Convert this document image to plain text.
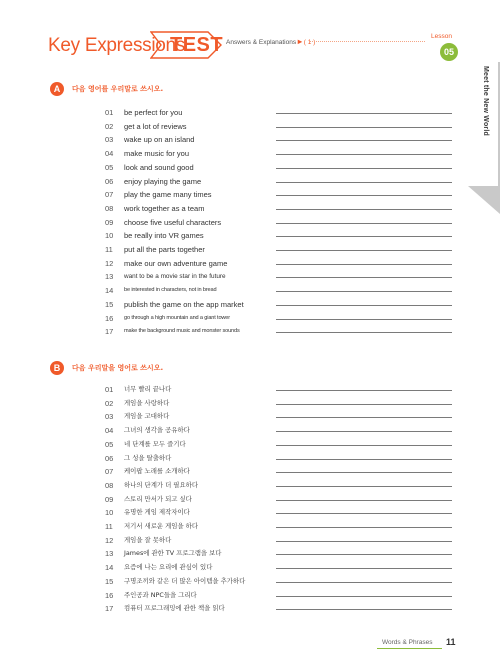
Key Expressions
TEST Answers & Explanations ▸ ( 1 )
Lesson
05
Meet the New World
A	다음 영어를 우리말로 쓰시오.
01	be perfect for you
02	get a lot of reviews
03	wake up on an island
04	make music for you
05	look and sound good
06	enjoy playing the game
07	play the game many times
08	work together as a team
09	choose five useful characters
10	be really into VR games
11	put all the parts together
12	make our own adventure game
13	want to be a movie star in the future
14	be interested in characters, not in bread
15	publish the game on the app market
16	go through a high mountain and a giant tower
17	make the background music and monster sounds
B	다음 우리말을 영어로 쓰시오.
01	너무 빨리 끝나다
02	게임을 사랑하다
03	게임을 고대하다
04	그녀의 생각을 공유하다
05	네 단계를 모두 즐기다
06	그 성을 탈출하다
07	케이팝 노래를 소개하다
08	하나의 단계가 더 필요하다
09	스토리 만서가 되고 싶다
10	유명한 게임 제작자이다
11	저기서 새로운 게임을 하다
12	게임을 잘 못하다
13	James에 관한 TV 프로그램을 보다
14	요즘에 나는 요리에 관심이 있다
15	구명조끼와 같은 더 많은 아이템을 추가하다
16	주인공과 NPC들을 그리다
17	컴퓨터 프로그래밍에 관한 책을 읽다
Words & Phrases 11
